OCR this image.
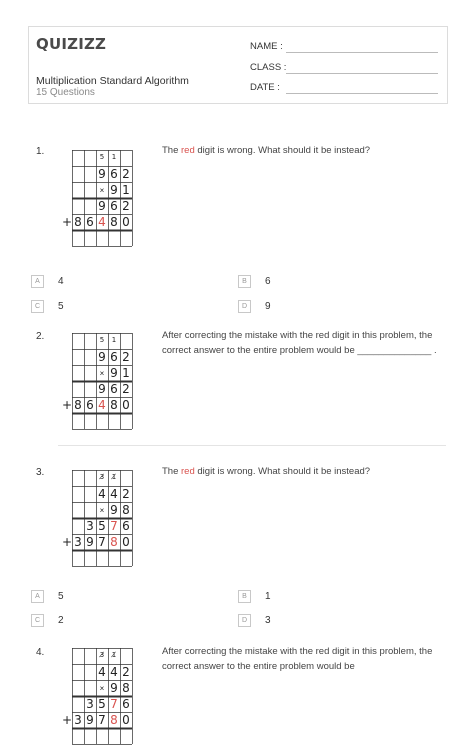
QUIZIZZ
Multiplication Standard Algorithm
15 Questions
NAME :
CLASS :
DATE :
1.	The red digit is wrong. What should it be instead?
5	1
9 6 2
× 9 1
9 6 2
8 6 4 8 0
+
A	4	B	6
C	5	D	9
2.	After correcting the mistake with the red digit in this problem, the correct answer to the entire problem would be ______________ .
5	1
9 6 2
× 9 1
9 6 2
8 6 4 8 0
+
3.	The red digit is wrong. What should it be instead?
3̸	1̸
4 4 2
× 9 8
3 5 7 6
3 9 7 8 0
+
A	5	B	1
C	2	D	3
4.	After correcting the mistake with the red digit in this problem, the correct answer to the entire problem would be
3̸	1̸
4 4 2
× 9 8
3 5 7 6
3 9 7 8 0
+
